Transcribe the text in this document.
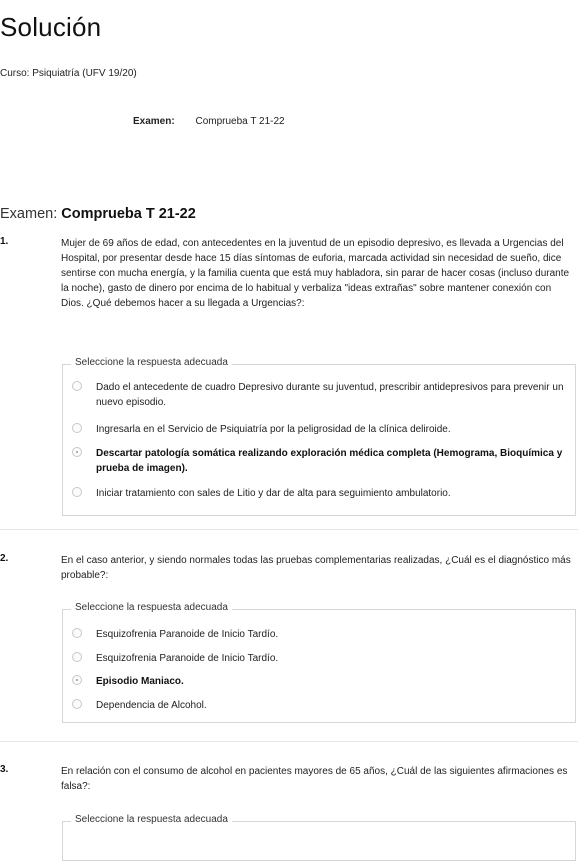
Solución
Curso: Psiquiatría (UFV 19/20)
Examen: Comprueba T 21-22
Examen: Comprueba T 21-22
1.	Mujer de 69 años de edad, con antecedentes en la juventud de un episodio depresivo, es llevada a Urgencias del Hospital, por presentar desde hace 15 días síntomas de euforia, marcada actividad sin necesidad de sueño, dice sentirse con mucha energía, y la familia cuenta que está muy habladora, sin parar de hacer cosas (incluso durante la noche), gasto de dinero por encima de lo habitual y verbaliza "ideas extrañas" sobre mantener conexión con Dios. ¿Qué debemos hacer a su llegada a Urgencias?:
Seleccione la respuesta adecuada
Dado el antecedente de cuadro Depresivo durante su juventud, prescribir antidepresivos para prevenir un nuevo episodio.
Ingresarla en el Servicio de Psiquiatría por la peligrosidad de la clínica deliroide.
Descartar patología somática realizando exploración médica completa (Hemograma, Bioquímica y prueba de imagen).
Iniciar tratamiento con sales de Litio y dar de alta para seguimiento ambulatorio.
2.	En el caso anterior, y siendo normales todas las pruebas complementarias realizadas, ¿Cuál es el diagnóstico más probable?:
Seleccione la respuesta adecuada
Esquizofrenia Paranoide de Inicio Tardío.
Esquizofrenia Paranoide de Inicio Tardío.
Episodio Maniaco.
Dependencia de Alcohol.
3.	En relación con el consumo de alcohol en pacientes mayores de 65 años, ¿Cuál de las siguientes afirmaciones es falsa?:
Seleccione la respuesta adecuada
